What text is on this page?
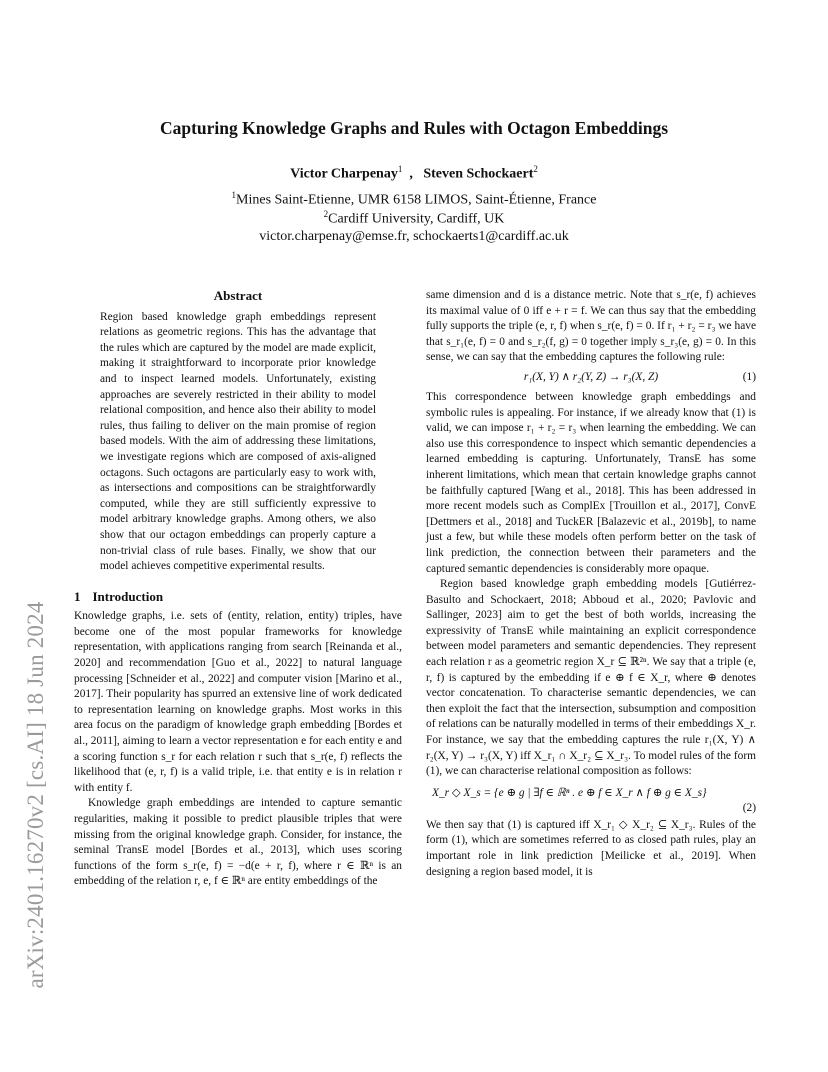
arXiv:2401.16270v2 [cs.AI] 18 Jun 2024
Capturing Knowledge Graphs and Rules with Octagon Embeddings
Victor Charpenay$^1$  ,   Steven Schockaert$^2$
$^1$Mines Saint-Etienne, UMR 6158 LIMOS, Saint-Étienne, France
$^2$Cardiff University, Cardiff, UK
victor.charpenay@emse.fr, schockaerts1@cardiff.ac.uk
Abstract

Region based knowledge graph embeddings represent relations as geometric regions. This has the advantage that the rules which are captured by the model are made explicit, making it straightforward to incorporate prior knowledge and to inspect learned models. Unfortunately, existing approaches are severely restricted in their ability to model relational composition, and hence also their ability to model rules, thus failing to deliver on the main promise of region based models. With the aim of addressing these limitations, we investigate regions which are composed of axis-aligned octagons. Such octagons are particularly easy to work with, as intersections and compositions can be straightforwardly computed, while they are still sufficiently expressive to model arbitrary knowledge graphs. Among others, we also show that our octagon embeddings can properly capture a non-trivial class of rule bases. Finally, we show that our model achieves competitive experimental results.

1 Introduction

Knowledge graphs, i.e. sets of (entity, relation, entity) triples, have become one of the most popular frameworks for knowledge representation, with applications ranging from search [Reinanda et al., 2020] and recommendation [Guo et al., 2022] to natural language processing [Schneider et al., 2022] and computer vision [Marino et al., 2017]. Their popularity has spurred an extensive line of work dedicated to representation learning on knowledge graphs. Most works in this area focus on the paradigm of knowledge graph embedding [Bordes et al., 2011], aiming to learn a vector representation e for each entity e and a scoring function s_r for each relation r such that s_r(e, f) reflects the likelihood that (e, r, f) is a valid triple, i.e. that entity e is in relation r with entity f.

Knowledge graph embeddings are intended to capture semantic regularities, making it possible to predict plausible triples that were missing from the original knowledge graph. Consider, for instance, the seminal TransE model [Bordes et al., 2013], which uses scoring functions of the form s_r(e, f) = −d(e + r, f), where r ∈ ℝⁿ is an embedding of the relation r, e, f ∈ ℝⁿ are entity embeddings of the

same dimension and d is a distance metric. Note that s_r(e, f) achieves its maximal value of 0 iff e + r = f. We can thus say that the embedding fully supports the triple (e, r, f) when s_r(e, f) = 0. If r₁ + r₂ = r₃ we have that s_r₁(e, f) = 0 and s_r₂(f, g) = 0 together imply s_r₃(e, g) = 0. In this sense, we can say that the embedding captures the following rule:

r₁(X, Y) ∧ r₂(Y, Z) → r₃(X, Z)	(1)

This correspondence between knowledge graph embeddings and symbolic rules is appealing. For instance, if we already know that (1) is valid, we can impose r₁ + r₂ = r₃ when learning the embedding. We can also use this correspondence to inspect which semantic dependencies a learned embedding is capturing. Unfortunately, TransE has some inherent limitations, which mean that certain knowledge graphs cannot be faithfully captured [Wang et al., 2018]. This has been addressed in more recent models such as ComplEx [Trouillon et al., 2017], ConvE [Dettmers et al., 2018] and TuckER [Balazevic et al., 2019b], to name just a few, but while these models often perform better on the task of link prediction, the connection between their parameters and the captured semantic dependencies is considerably more opaque.

Region based knowledge graph embedding models [Gutiérrez-Basulto and Schockaert, 2018; Abboud et al., 2020; Pavlovic and Sallinger, 2023] aim to get the best of both worlds, increasing the expressivity of TransE while maintaining an explicit correspondence between model parameters and semantic dependencies. They represent each relation r as a geometric region X_r ⊆ ℝ²ⁿ. We say that a triple (e, r, f) is captured by the embedding if e ⊕ f ∈ X_r, where ⊕ denotes vector concatenation. To characterise semantic dependencies, we can then exploit the fact that the intersection, subsumption and composition of relations can be naturally modelled in terms of their embeddings X_r. For instance, we say that the embedding captures the rule r₁(X, Y) ∧ r₂(X, Y) → r₃(X, Y) iff X_r₁ ∩ X_r₂ ⊆ X_r₃. To model rules of the form (1), we can characterise relational composition as follows:

X_r ◇ X_s = {e ⊕ g | ∃f ∈ ℝⁿ . e ⊕ f ∈ X_r ∧ f ⊕ g ∈ X_s}
(2)

We then say that (1) is captured iff X_r₁ ◇ X_r₂ ⊆ X_r₃. Rules of the form (1), which are sometimes referred to as closed path rules, play an important role in link prediction [Meilicke et al., 2019]. When designing a region based model, it is
